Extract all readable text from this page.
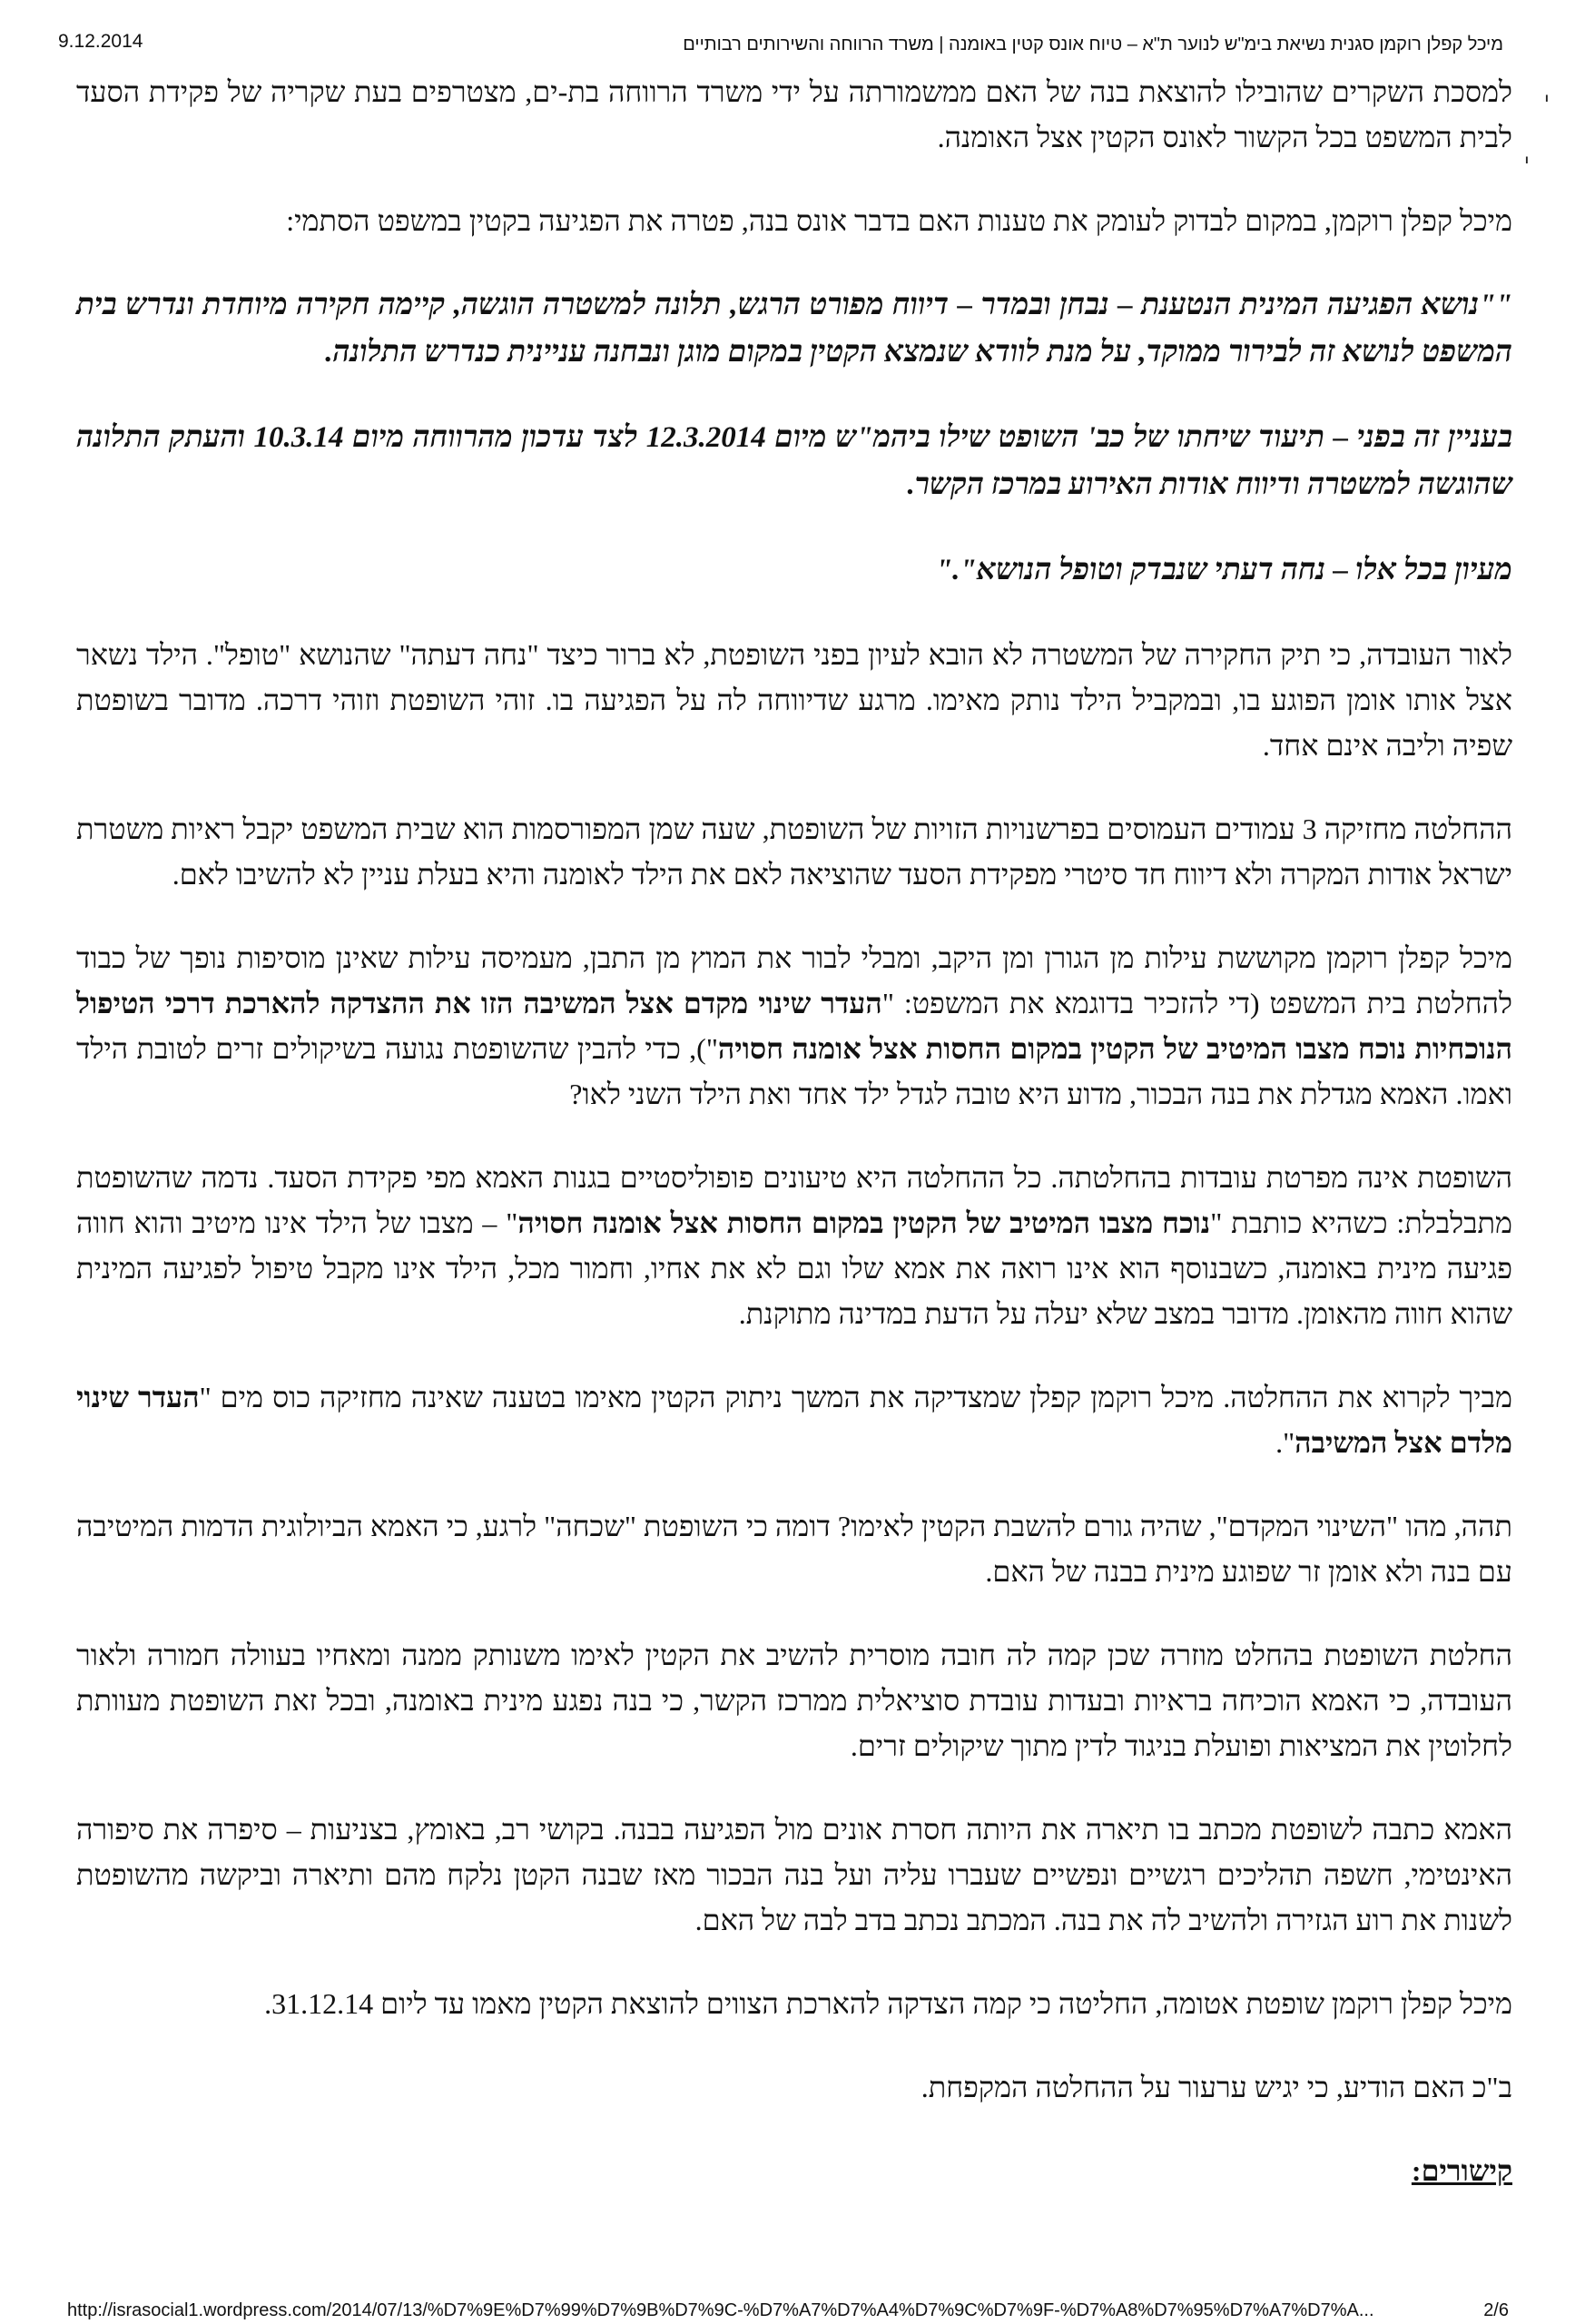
9.12.2014	מיכל קפלן רוקמן סגנית נשיאת בימ"ש לנוער ת"א – טיוח אונס קטין באומנה | משרד הרווחה והשירותים רבותיים
ˌ
ˌ

למסכת השקרים שהובילו להוצאת בנה של האם ממשמורתה על ידי משרד הרווחה בת-ים, מצטרפים בעת שקריה של פקידת הסעד לבית המשפט בכל הקשור לאונס הקטין אצל האומנה.

מיכל קפלן רוקמן, במקום לבדוק לעומק את טענות האם בדבר אונס בנה, פטרה את הפגיעה בקטין במשפט הסתמי:

""נושא הפגיעה המינית הנטענת – נבחן ובמדר – דיווח מפורט הרגש, תלונה למשטרה הוגשה, קיימה חקירה מיוחדת ונדרש בית המשפט לנושא זה לבירור ממוקד, על מנת לוודא שנמצא הקטין במקום מוגן ונבחנה עניינית כנדרש התלונה.

בעניין זה בפני – תיעוד שיחתו של כב' השופט שילו ביהמ"ש מיום 12.3.2014 לצד עדכון מהרווחה מיום 10.3.14 והעתק התלונה שהוגשה למשטרה ודיווח אודות האירוע במרכז הקשר.

מעיון בכל אלו – נחה דעתי שנבדק וטופל הנושא"."

לאור העובדה, כי תיק החקירה של המשטרה לא הובא לעיון בפני השופטת, לא ברור כיצד "נחה דעתה" שהנושא "טופל". הילד נשאר אצל אותו אומן הפוגע בו, ובמקביל הילד נותק מאימו. מרגע שדיווחה לה על הפגיעה בו. זוהי השופטת וזוהי דרכה. מדובר בשופטת שפיה וליבה אינם אחד.

ההחלטה מחזיקה 3 עמודים העמוסים בפרשנויות הזויות של השופטת, שעה שמן המפורסמות הוא שבית המשפט יקבל ראיות משטרת ישראל אודות המקרה ולא דיווח חד סיטרי מפקידת הסעד שהוציאה לאם את הילד לאומנה והיא בעלת עניין לא להשיבו לאם.

מיכל קפלן רוקמן מקוששת עילות מן הגורן ומן היקב, ומבלי לבור את המוץ מן התבן, מעמיסה עילות שאינן מוסיפות נופך של כבוד להחלטת בית המשפט (די להזכיר בדוגמא את המשפט: "העדר שינוי מקדם אצל המשיבה הזו את ההצדקה להארכת דרכי הטיפול הנוכחיות נוכח מצבו המיטיב של הקטין במקום החסות אצל אומנה חסויה"), כדי להבין שהשופטת נגועה בשיקולים זרים לטובת הילד ואמו. האמא מגדלת את בנה הבכור, מדוע היא טובה לגדל ילד אחד ואת הילד השני לאו?

השופטת אינה מפרטת עובדות בהחלטתה. כל ההחלטה היא טיעונים פופוליסטיים בגנות האמא מפי פקידת הסעד. נדמה שהשופטת מתבלבלת: כשהיא כותבת "נוכח מצבו המיטיב של הקטין במקום החסות אצל אומנה חסויה" – מצבו של הילד אינו מיטיב והוא חווה פגיעה מינית באומנה, כשבנוסף הוא אינו רואה את אמא שלו וגם לא את אחיו, וחמור מכל, הילד אינו מקבל טיפול לפגיעה המינית שהוא חווה מהאומן. מדובר במצב שלא יעלה על הדעת במדינה מתוקנת.

מביך לקרוא את ההחלטה. מיכל רוקמן קפלן שמצדיקה את המשך ניתוק הקטין מאימו בטענה שאינה מחזיקה כוס מים "העדר שינוי מלדם אצל המשיבה".

תהה, מהו "השינוי המקדם", שהיה גורם להשבת הקטין לאימו? דומה כי השופטת "שכחה" לרגע, כי האמא הביולוגית הדמות המיטיבה עם בנה ולא אומן זר שפוגע מינית בבנה של האם.

החלטת השופטת בהחלט מוזרה שכן קמה לה חובה מוסרית להשיב את הקטין לאימו משנותק ממנה ומאחיו בעוולה חמורה ולאור העובדה, כי האמא הוכיחה בראיות ובעדות עובדת סוציאלית ממרכז הקשר, כי בנה נפגע מינית באומנה, ובכל זאת השופטת מעוותת לחלוטין את המציאות ופועלת בניגוד לדין מתוך שיקולים זרים.

האמא כתבה לשופטת מכתב בו תיארה את היותה חסרת אונים מול הפגיעה בבנה. בקושי רב, באומץ, בצניעות – סיפרה את סיפורה האינטימי, חשפה תהליכים רגשיים ונפשיים שעברו עליה ועל בנה הבכור מאז שבנה הקטן נלקח מהם ותיארה וביקשה מהשופטת לשנות את רוע הגזירה ולהשיב לה את בנה. המכתב נכתב בדב לבה של האם.

מיכל קפלן רוקמן שופטת אטומה, החליטה כי קמה הצדקה להארכת הצווים להוצאת הקטין מאמו עד ליום 31.12.14.

ב"כ האם הודיע, כי יגיש ערעור על ההחלטה המקפחת.

קישורים:

http://israsocial1.wordpress.com/2014/07/13/%D7%9E%D7%99%D7%9B%D7%9C-%D7%A7%D7%A4%D7%9C%D7%9F-%D7%A8%D7%95%D7%A7%D7%A...	2/6
